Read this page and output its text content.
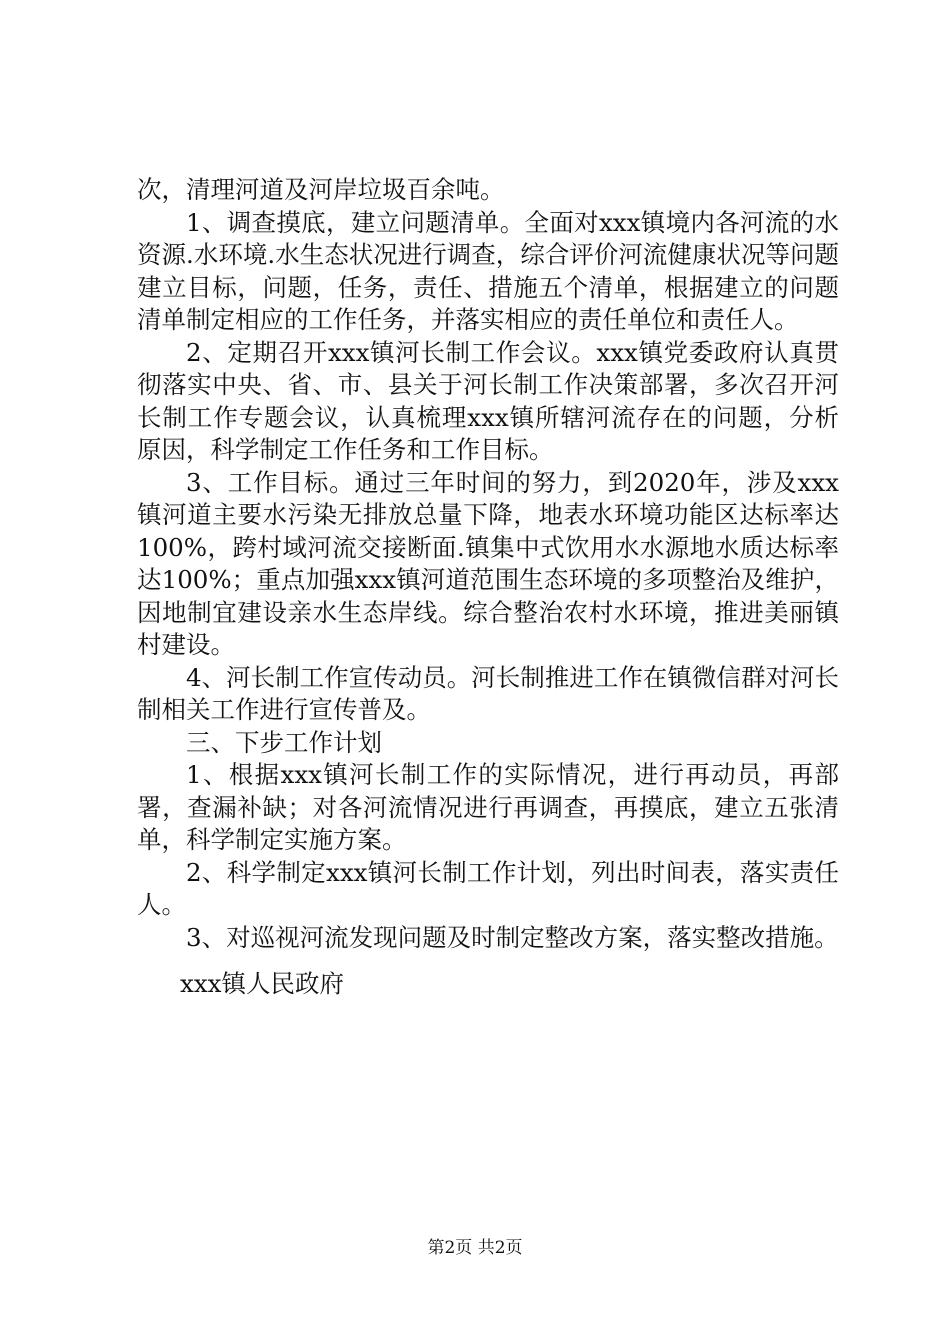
次，清理河道及河岸垃圾百余吨。

1、调查摸底，建立问题清单。全面对xxx镇境内各河流的水资源.水环境.水生态状况进行调查，综合评价河流健康状况等问题建立目标，问题，任务，责任、措施五个清单，根据建立的问题清单制定相应的工作任务，并落实相应的责任单位和责任人。

2、定期召开xxx镇河长制工作会议。xxx镇党委政府认真贯彻落实中央、省、市、县关于河长制工作决策部署，多次召开河长制工作专题会议，认真梳理xxx镇所辖河流存在的问题，分析原因，科学制定工作任务和工作目标。

3、工作目标。通过三年时间的努力，到2020年，涉及xxx镇河道主要水污染无排放总量下降，地表水环境功能区达标率达100%，跨村域河流交接断面.镇集中式饮用水水源地水质达标率达100%；重点加强xxx镇河道范围生态环境的多项整治及维护，因地制宜建设亲水生态岸线。综合整治农村水环境，推进美丽镇村建设。

4、河长制工作宣传动员。河长制推进工作在镇微信群对河长制相关工作进行宣传普及。

三、下步工作计划

1、根据xxx镇河长制工作的实际情况，进行再动员，再部署，查漏补缺；对各河流情况进行再调查，再摸底，建立五张清单，科学制定实施方案。

2、科学制定xxx镇河长制工作计划，列出时间表，落实责任人。

3、对巡视河流发现问题及时制定整改方案，落实整改措施。

xxx镇人民政府
第2页 共2页
